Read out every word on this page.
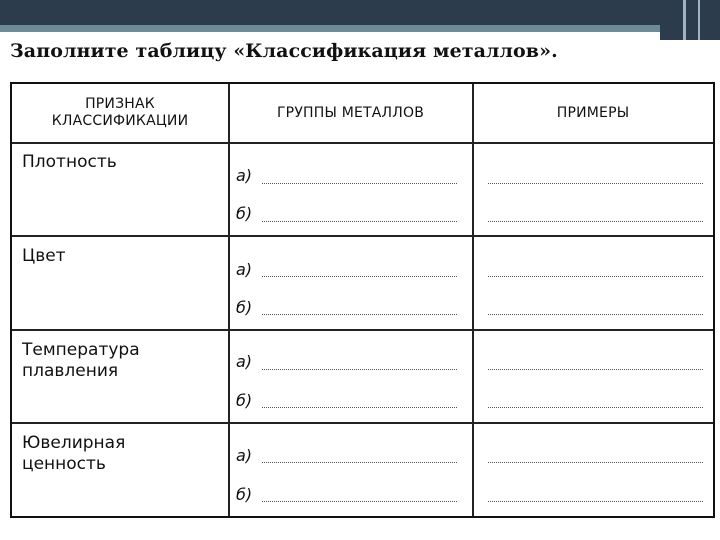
Заполните таблицу «Классификация металлов».
ПРИЗНАК
КЛАССИФИКАЦИИ
ГРУППЫ МЕТАЛЛОВ	ПРИМЕРЫ
Плотность
Цвет
Температура
плавления
Ювелирная
ценность
а)
б)
а)
б)
а)
б)
а)
б)
